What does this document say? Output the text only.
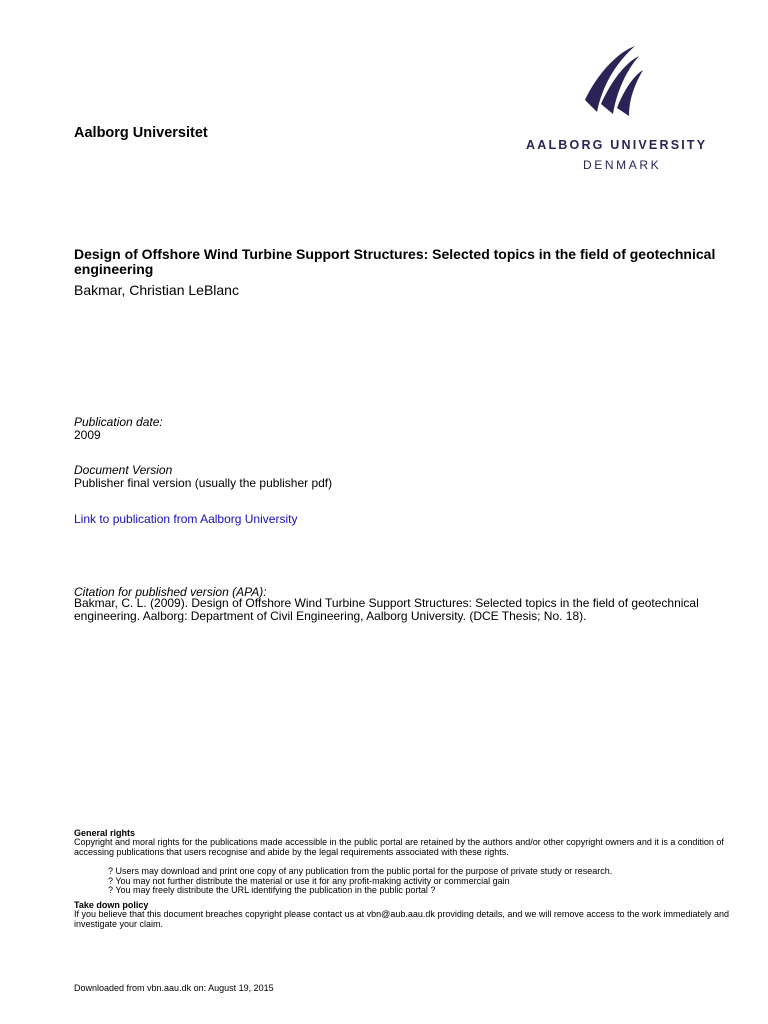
AALBORG UNIVERSITY
DENMARK
Aalborg Universitet
Design of Offshore Wind Turbine Support Structures: Selected topics in the field of geotechnical engineering
Bakmar, Christian LeBlanc
Publication date:
2009
Document Version
Publisher final version (usually the publisher pdf)
Link to publication from Aalborg University
Citation for published version (APA):
Bakmar, C. L. (2009). Design of Offshore Wind Turbine Support Structures: Selected topics in the field of geotechnical engineering. Aalborg: Department of Civil Engineering, Aalborg University. (DCE Thesis; No. 18).
General rights
Copyright and moral rights for the publications made accessible in the public portal are retained by the authors and/or other copyright owners and it is a condition of accessing publications that users recognise and abide by the legal requirements associated with these rights.
? Users may download and print one copy of any publication from the public portal for the purpose of private study or research.
? You may not further distribute the material or use it for any profit-making activity or commercial gain
? You may freely distribute the URL identifying the publication in the public portal ?
Take down policy
If you believe that this document breaches copyright please contact us at vbn@aub.aau.dk providing details, and we will remove access to the work immediately and investigate your claim.
Downloaded from vbn.aau.dk on: August 19, 2015
